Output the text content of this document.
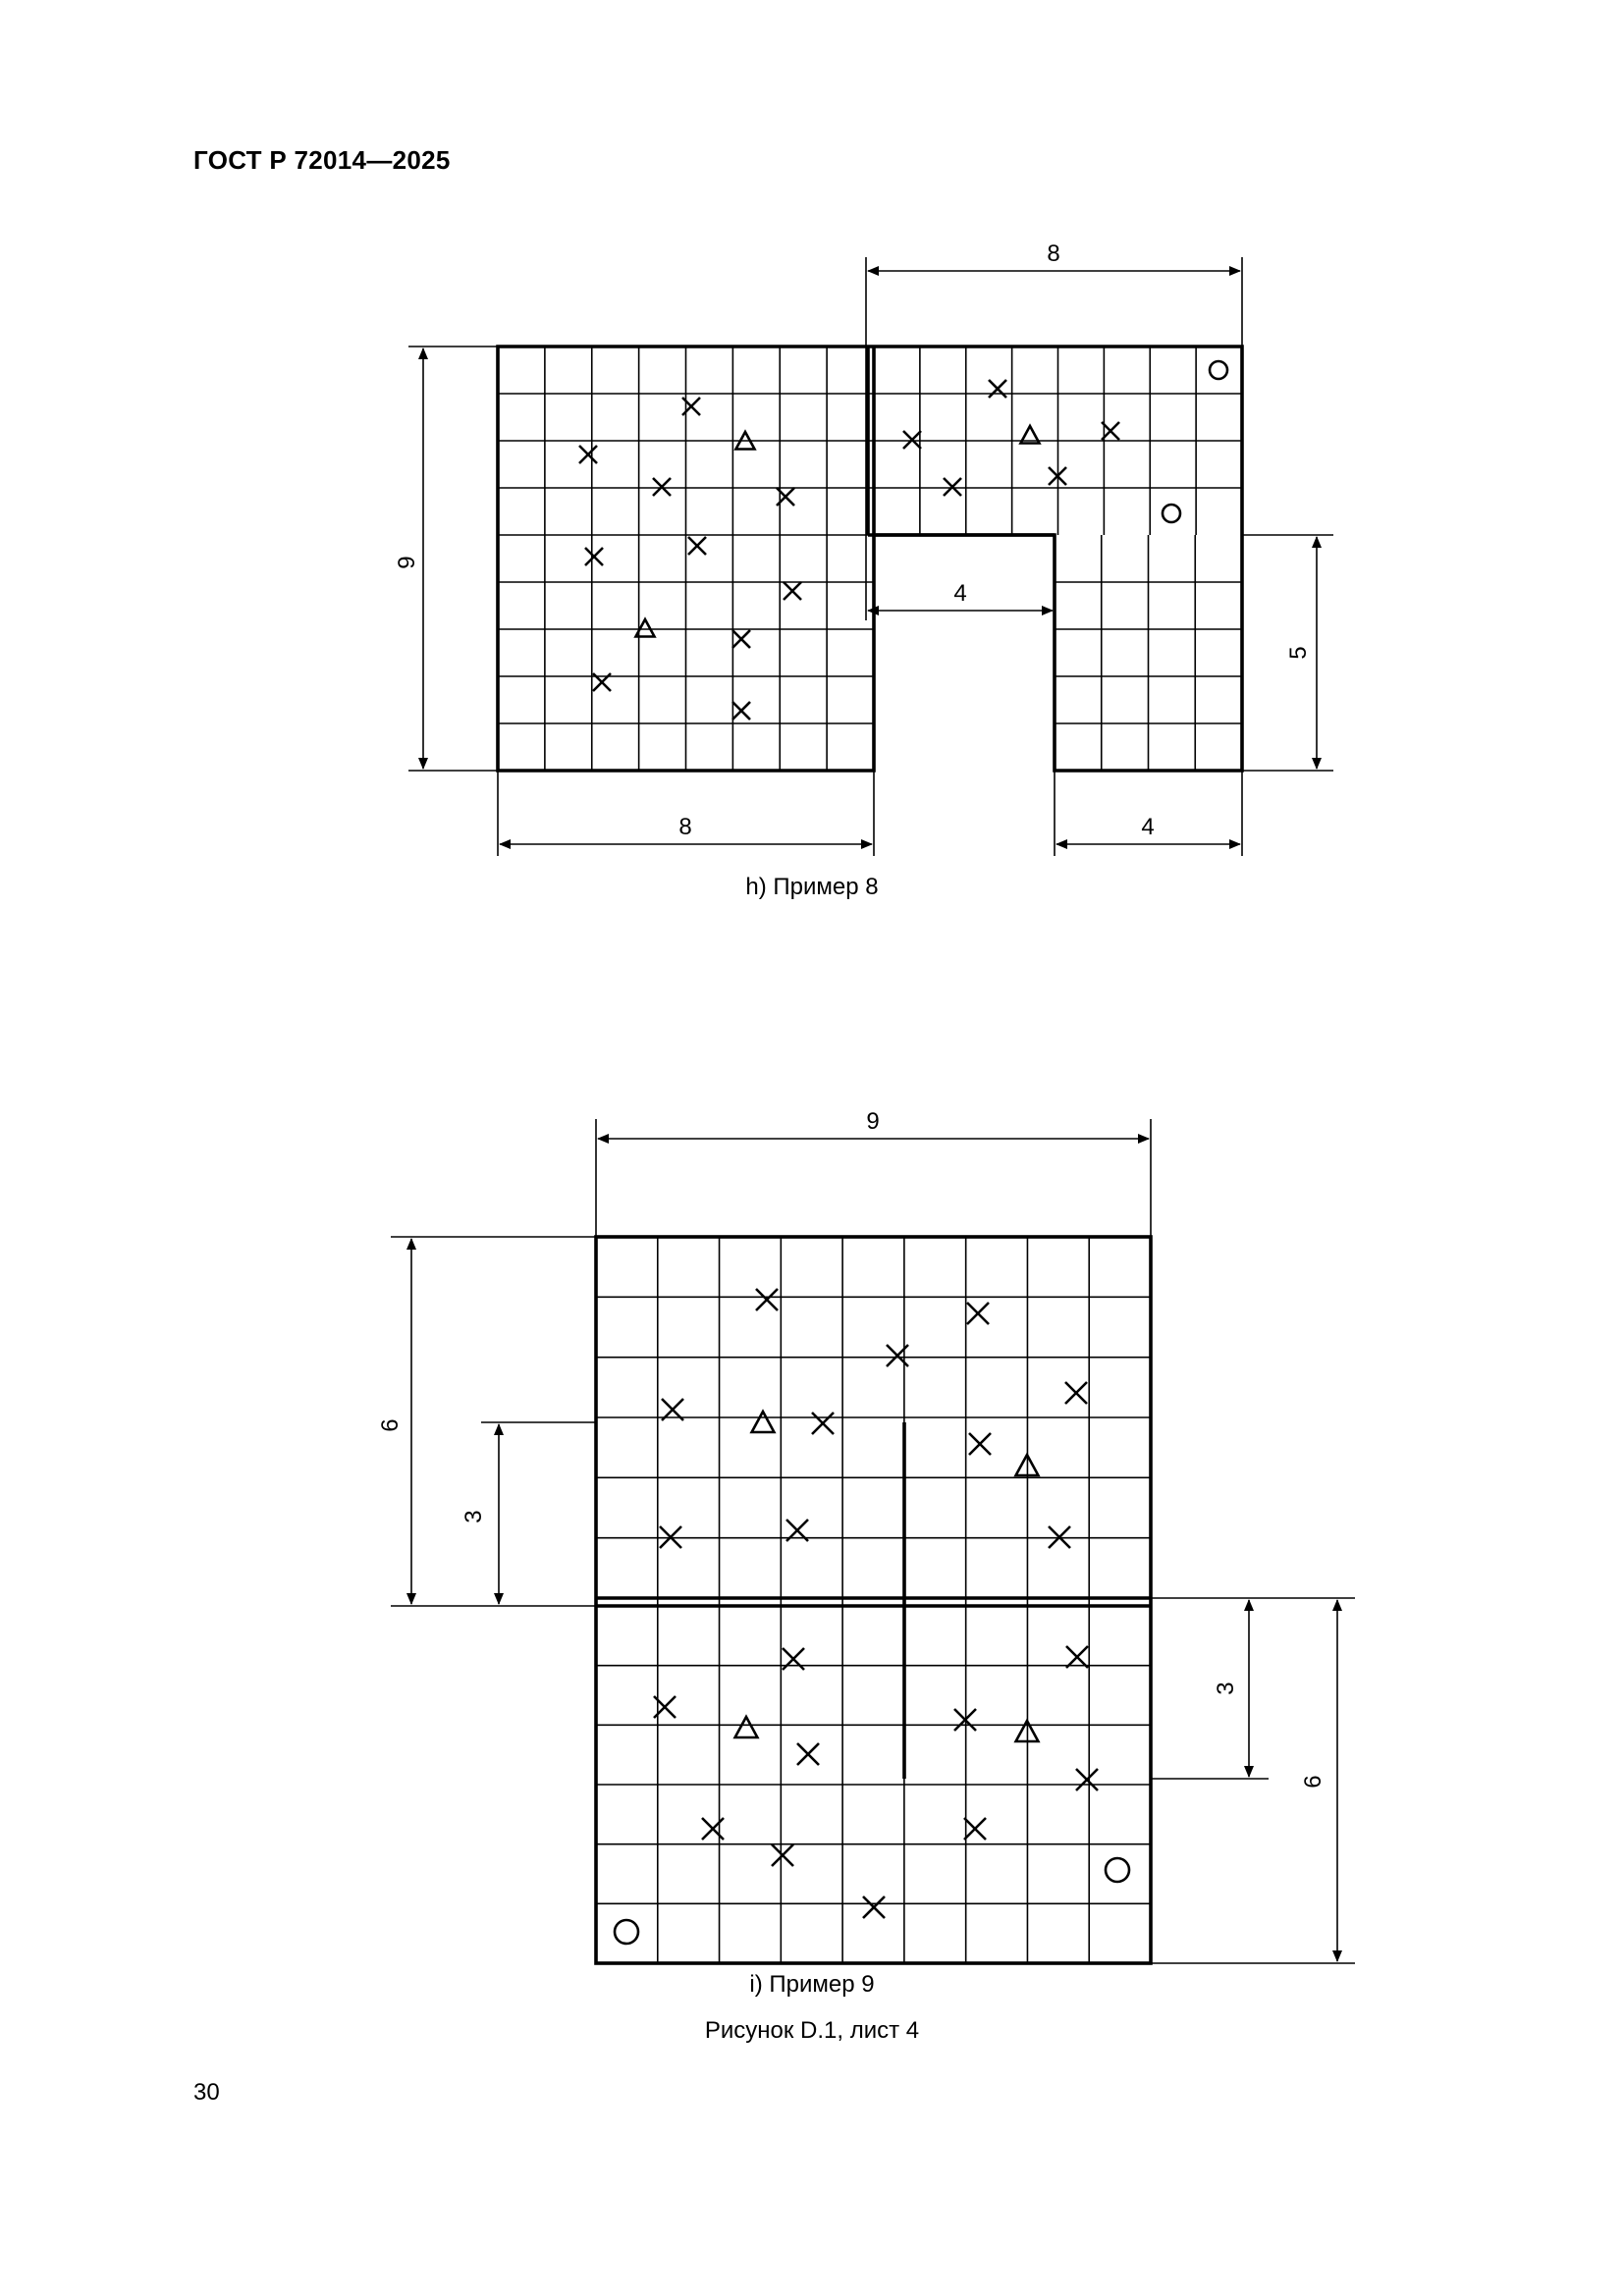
ГОСТ Р 72014—2025
8
9
4
5
8	4
9
6
3
3
6
h) Пример 8
i) Пример 9
Рисунок D.1, лист 4
30
